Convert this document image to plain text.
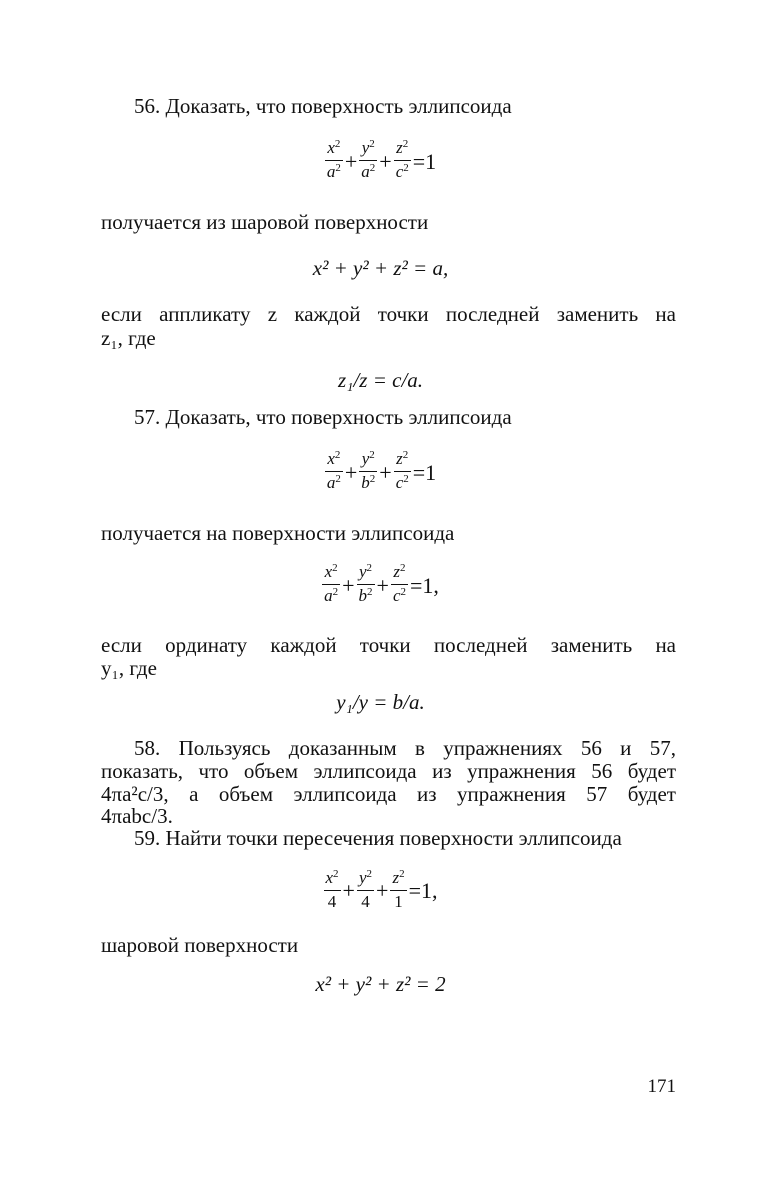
56. Доказать, что поверхность эллипсоида
$\frac{x^2}{a^2} + \frac{y^2}{a^2} + \frac{z^2}{c^2} =1$
получается из шаровой поверхности
x² + y² + z² = a,
если аппликату z каждой точки последней заменить на
z₁, где
z₁/z = c/a.
57. Доказать, что поверхность эллипсоида
$\frac{x^2}{a^2} + \frac{y^2}{b^2} + \frac{z^2}{c^2} =1$
получается на поверхности эллипсоида
$\frac{x^2}{a^2} + \frac{y^2}{b^2} + \frac{z^2}{c^2} =1$,
если ординату каждой точки последней заменить на
y₁, где
y₁/y = b/a.
58. Пользуясь доказанным в упражнениях 56 и 57,
показать, что объем эллипсоида из упражнения 56 будет
4πa²c/3, а объем эллипсоида из упражнения 57 будет
4πabc/3.
59. Найти точки пересечения поверхности эллипсоида
$\frac{x^2}{4} + \frac{y^2}{4} + \frac{z^2}{1} =1$,
шаровой поверхности
x² + y² + z² = 2
171
